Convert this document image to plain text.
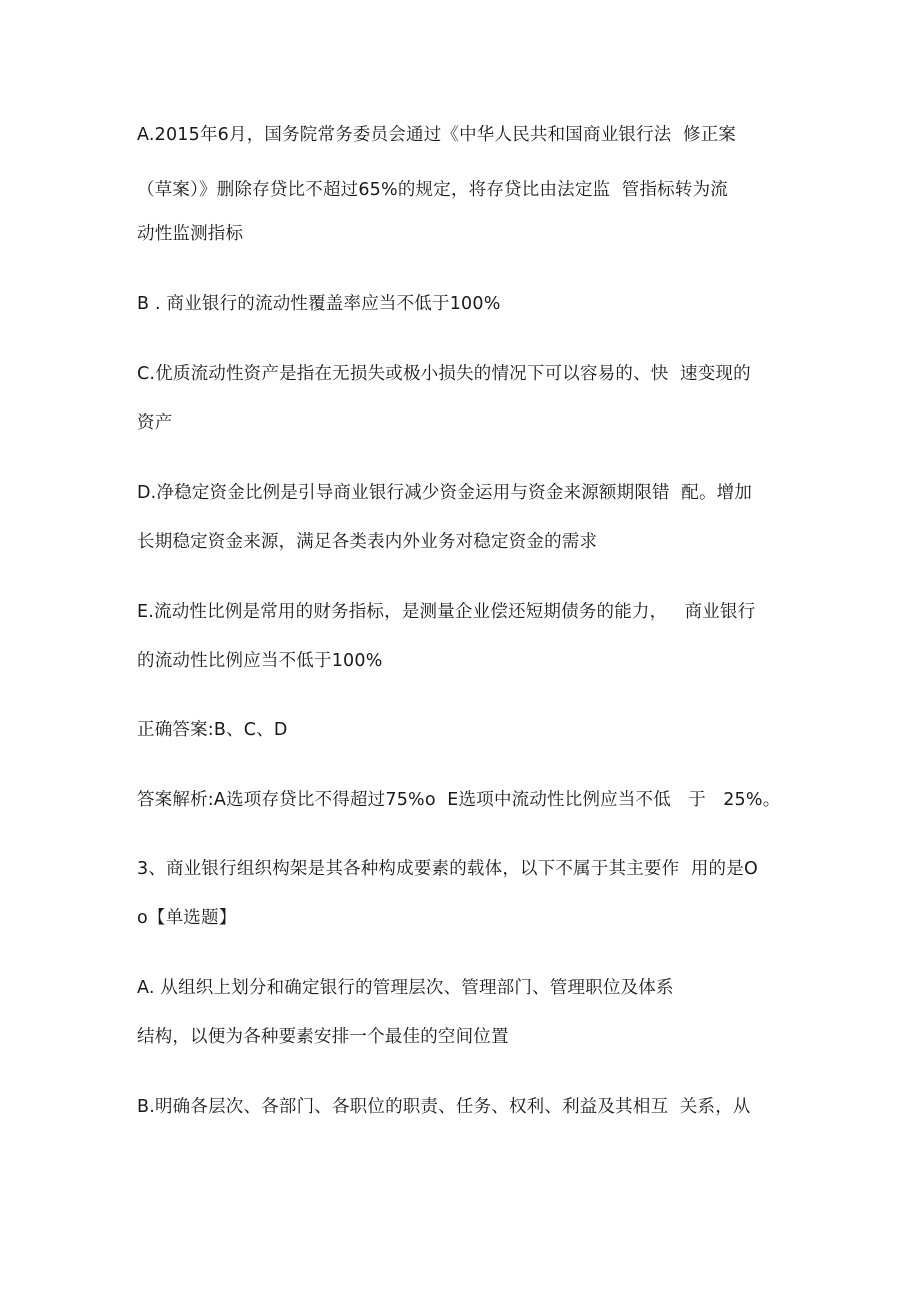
A.2015年6月，国务院常务委员会通过《中华人民共和国商业银行法  修正案
（草案）》删除存贷比不超过65%的规定，将存贷比由法定监  管指标转为流
动性监测指标
B . 商业银行的流动性覆盖率应当不低于100%
C.优质流动性资产是指在无损失或极小损失的情况下可以容易的、快  速变现的
资产
D.净稳定资金比例是引导商业银行减少资金运用与资金来源额期限错  配。增加
长期稳定资金来源，满足各类表内外业务对稳定资金的需求
E.流动性比例是常用的财务指标，是测量企业偿还短期债务的能力，   商业银行
的流动性比例应当不低于100%
正确答案:B、C、D
答案解析:A选项存贷比不得超过75%o  E选项中流动性比例应当不低   于   25%。
3、商业银行组织构架是其各种构成要素的载体，以下不属于其主要作  用的是O
o【单选题】
A. 从组织上划分和确定银行的管理层次、管理部门、管理职位及体系
结构，以便为各种要素安排一个最佳的空间位置
B.明确各层次、各部门、各职位的职责、任务、权利、利益及其相互  关系，从
